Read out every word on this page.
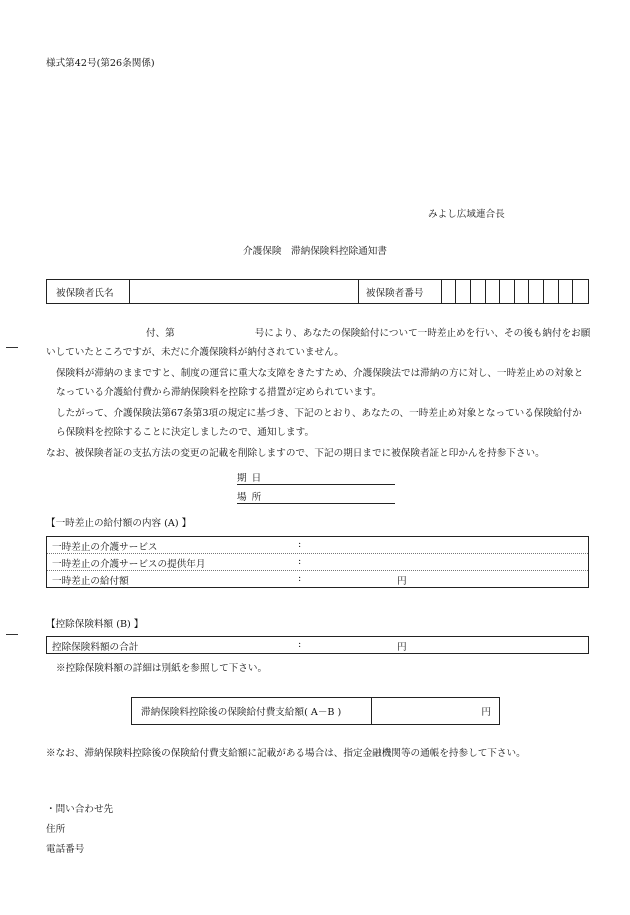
様式第42号(第26条関係)
みよし広域連合長
介護保険　滞納保険料控除通知書
被保険者氏名	被保険者番号
付、第	号により、あなたの保険給付について一時差止めを行い、その後も納付をお願いしていたところですが、未だに介護保険料が納付されていません。
保険料が滞納のままですと、制度の運営に重大な支障をきたすため、介護保険法では滞納の方に対し、一時差止めの対象となっている介護給付費から滞納保険料を控除する措置が定められています。
したがって、介護保険法第67条第3項の規定に基づき、下記のとおり、あなたの、一時差止め対象となっている保険給付から保険料を控除することに決定しましたので、通知します。
なお、被保険者証の支払方法の変更の記載を削除しますので、下記の期日までに被保険者証と印かんを持参下さい。
期日
場所
【一時差止の給付額の内容 (A) 】
一時差止の介護サービス	:
一時差止の介護サービスの提供年月	:
一時差止の給付額	:	円
【控除保険料額 (B) 】
控除保険料額の合計	:	円
※控除保険料額の詳細は別紙を参照して下さい。
滞納保険料控除後の保険給付費支給額( A－B )	円
※なお、滞納保険料控除後の保険給付費支給額に記載がある場合は、指定金融機関等の通帳を持参して下さい。
・問い合わせ先
住所
電話番号
